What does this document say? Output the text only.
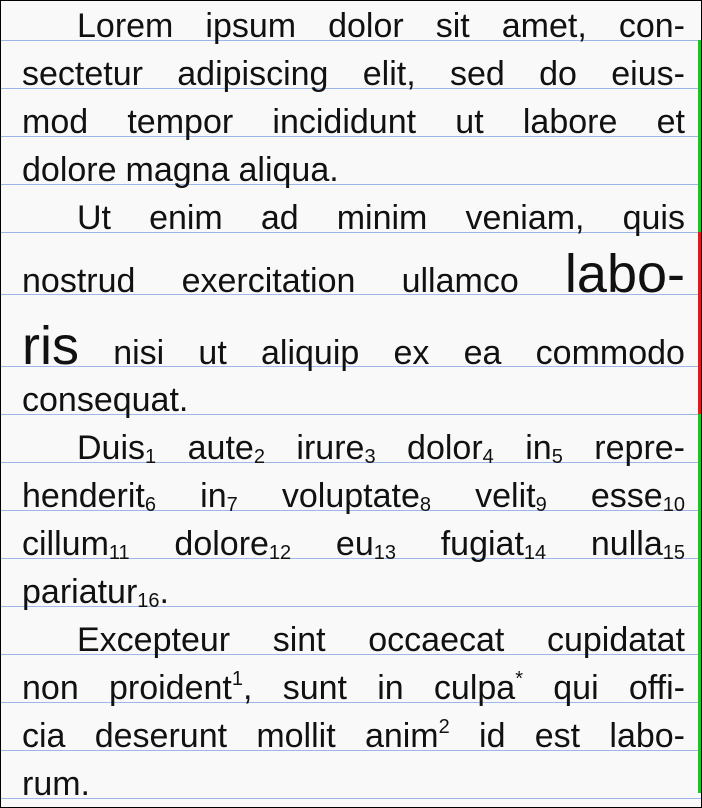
Lorem ipsum dolor sit amet, con-
sectetur adipiscing elit, sed do eius-
mod tempor incididunt ut labore et
dolore magna aliqua.
Ut enim ad minim veniam, quis
nostrud exercitation ullamco labo-
ris nisi ut aliquip ex ea commodo
consequat.
Duis$_1$ aute$_2$ irure$_3$ dolor$_4$ $in_5$ repre-
henderit$_6$ $in_7$ voluptate$_8$ velit$_9$ esse$_{10}$
cillum$_{11}$ dolore$_{12}$ $eu_{13}$ fugiat$_{14}$ nulla$_{15}$
pariatur$_{16}$.
Excepteur sint occaecat cupidatat
non proident$^1$, sunt in culpa* qui offi-
cia deserunt mollit anim$^2$ id est labo-
rum.
